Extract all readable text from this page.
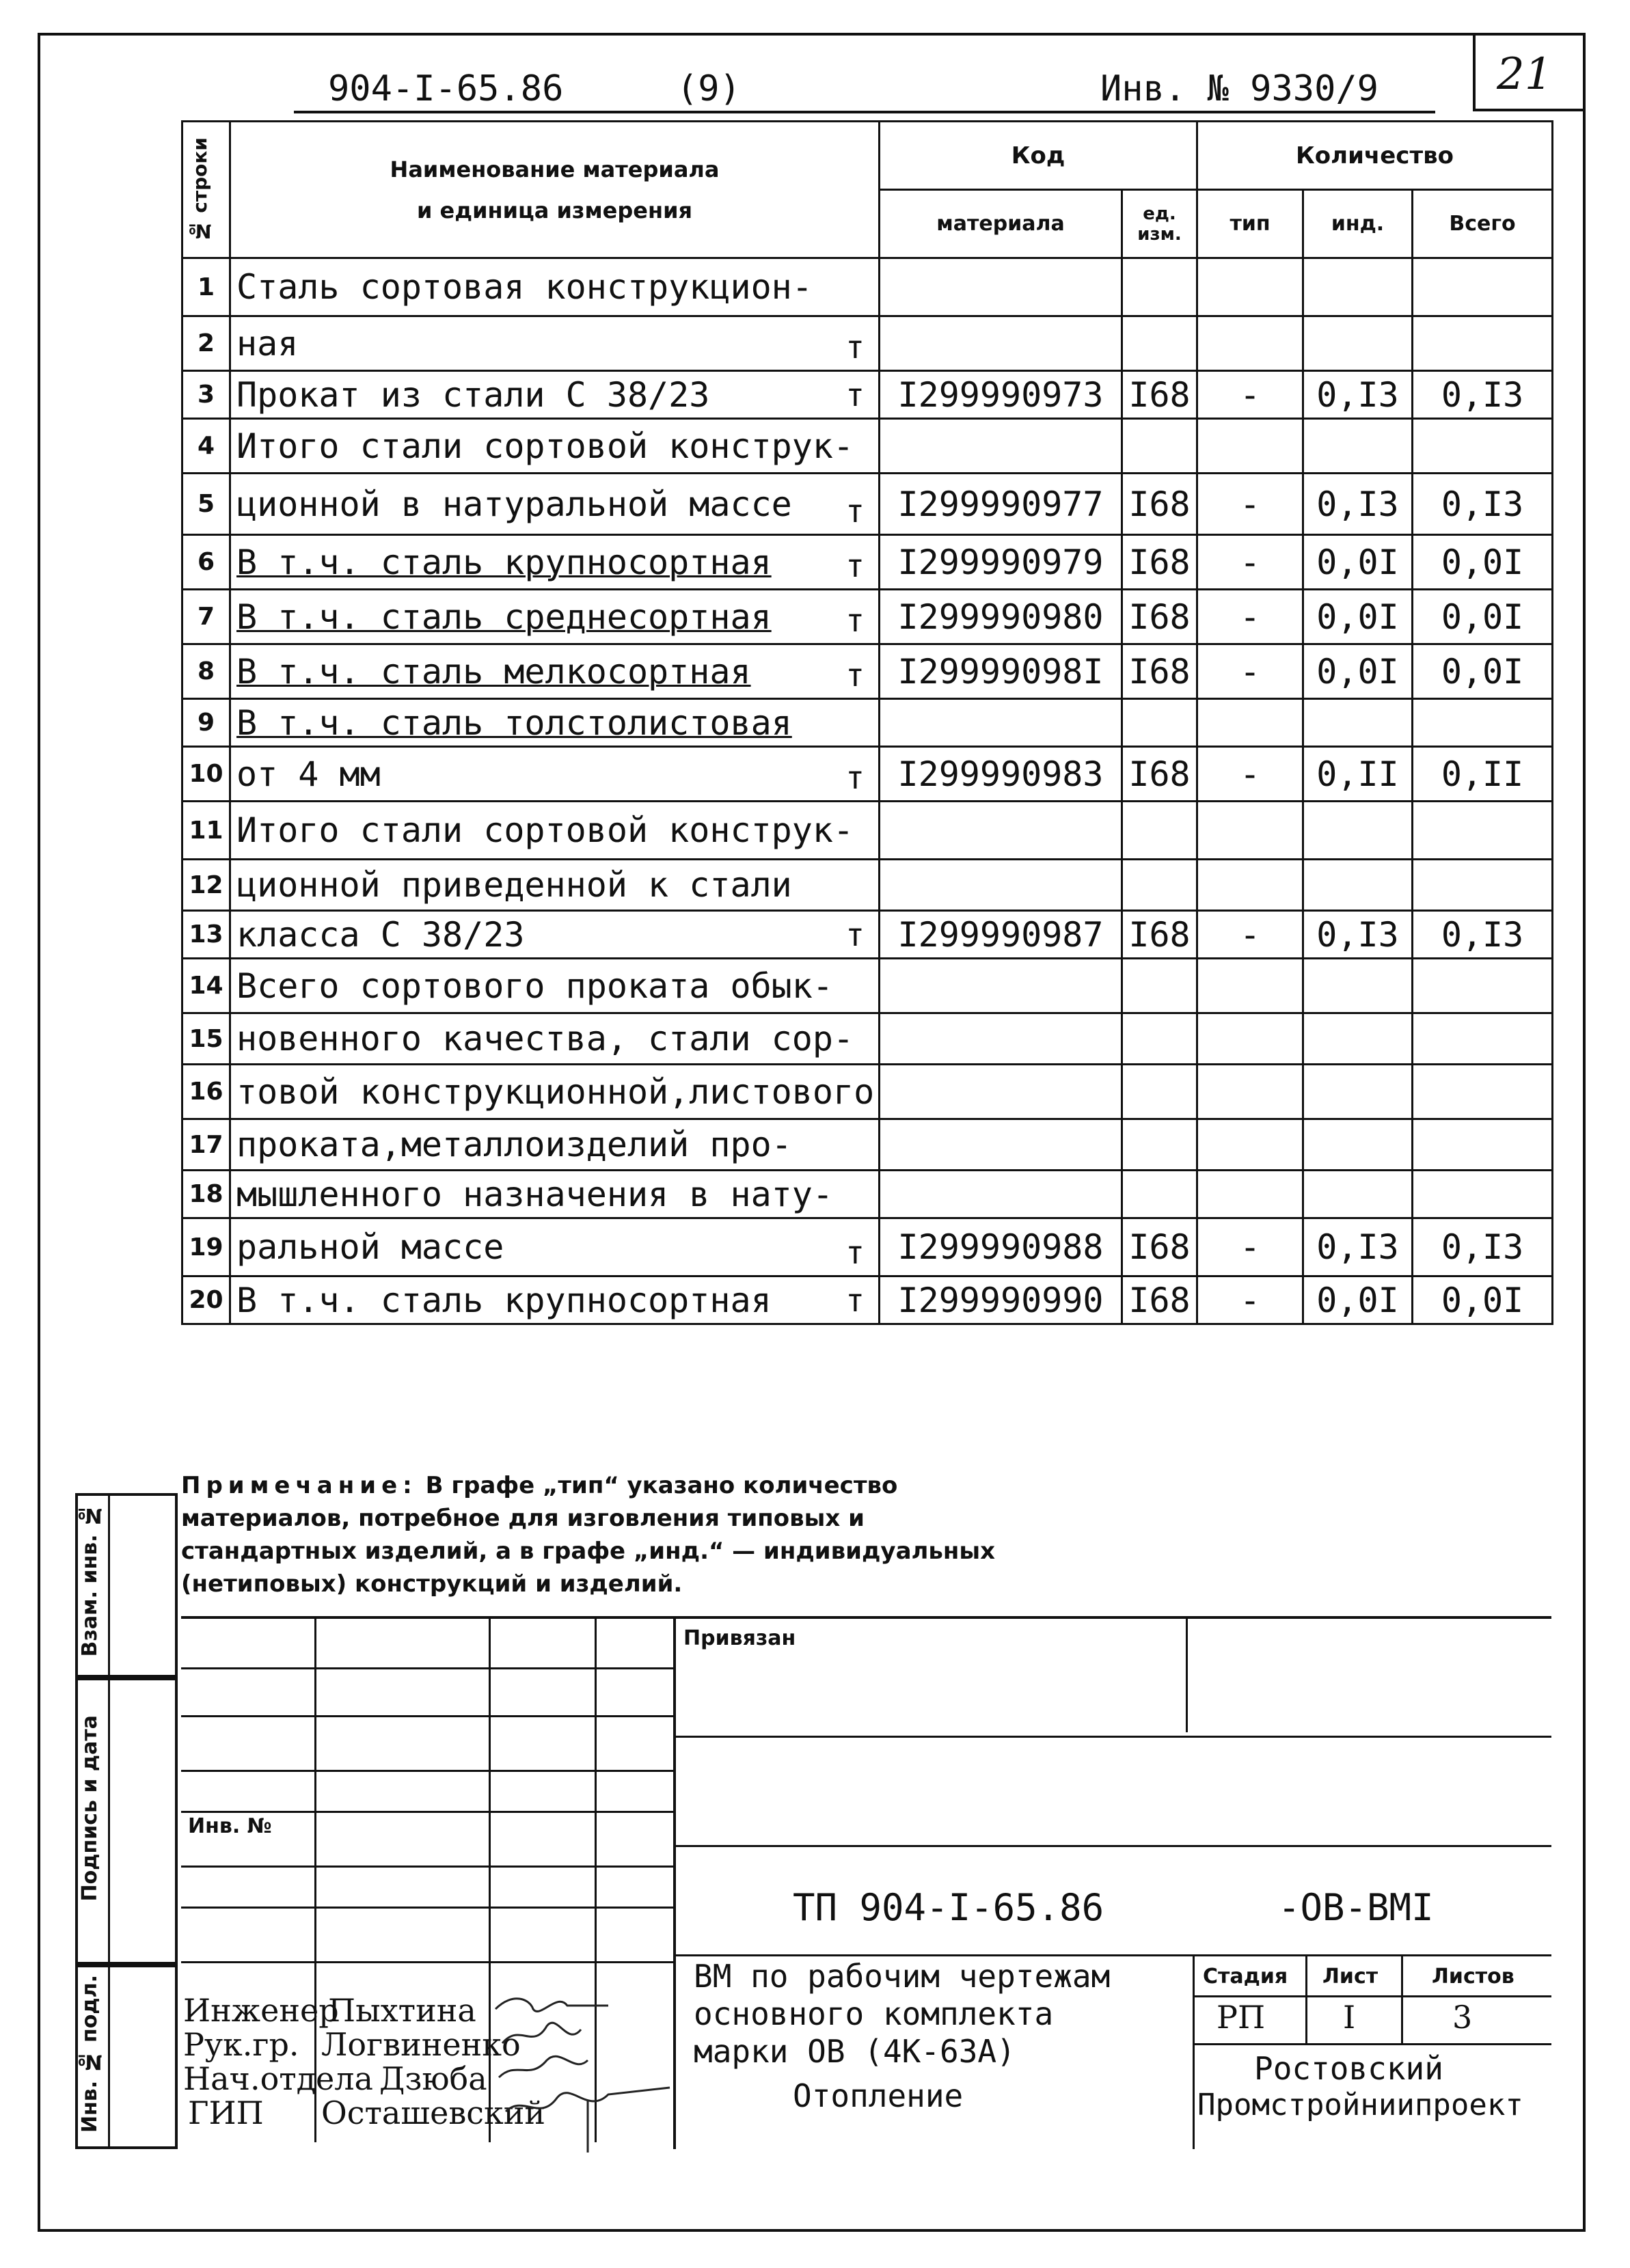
904-I-65.86	(9)	Инв. № 9330/9	21
№ строки	Наименование материала
и единица измерения	Код		Количество		
		материала	ед. изм.	тип	инд.	Всего
1	Сталь сортовая конструкцион-

2	ная т					

3	Прокат из стали С 38/23 т	I299990973	I68	-	0,I3	0,I3
4	Итого стали сортовой конструк-

5	ционной в натуральной массе т	I299990977	I68	-	0,I3	0,I3
6	В т.ч. сталь крупносортная т	I299990979	I68	-	0,0I	0,0I
7	В т.ч. сталь среднесортная т	I299990980	I68	-	0,0I	0,0I
8	В т.ч. сталь мелкосортная т	I29999098I	I68	-	0,0I	0,0I
9	В т.ч. сталь толстолистовая

10	от 4 мм т	I299990983	I68	-	0,II	0,II
11	Итого стали сортовой конструк-

12	ционной приведенной к стали

13	класса С 38/23 т	I299990987	I68	-	0,I3	0,I3
14	Всего сортового проката обык-

15	новенного качества, стали сор-

16	товой конструкционной,листового

17	проката,металлоизделий про-

18	мышленного назначения в нату-

19	ральной массе т	I299990988	I68	-	0,I3	0,I3
20	В т.ч. сталь крупносортная т	I299990990	I68	-	0,0I	0,0I
Примечание: В графе „тип“ указано количество материалов, потребное для изговления типовых и стандартных изделий, а в графе „инд.“ — индивидуальных (нетиповых) конструкций и изделий.
Взам. инв. №
Подпись и дата
Инв. № подл.
Привязан
Инв. №
ТП 904-I-65.86	-ОВ-ВМI
ВМ по рабочим чертежам
основного комплекта
марки ОВ (4К-63А)
Отопление
Стадия Лист	Листов
РП I	3
Ростовский
Промстройниипроект
Инженер
Пыхтина
Рук.гр. Логвиненко
Нач.отдела Дзюба
ГИП Осташевский
